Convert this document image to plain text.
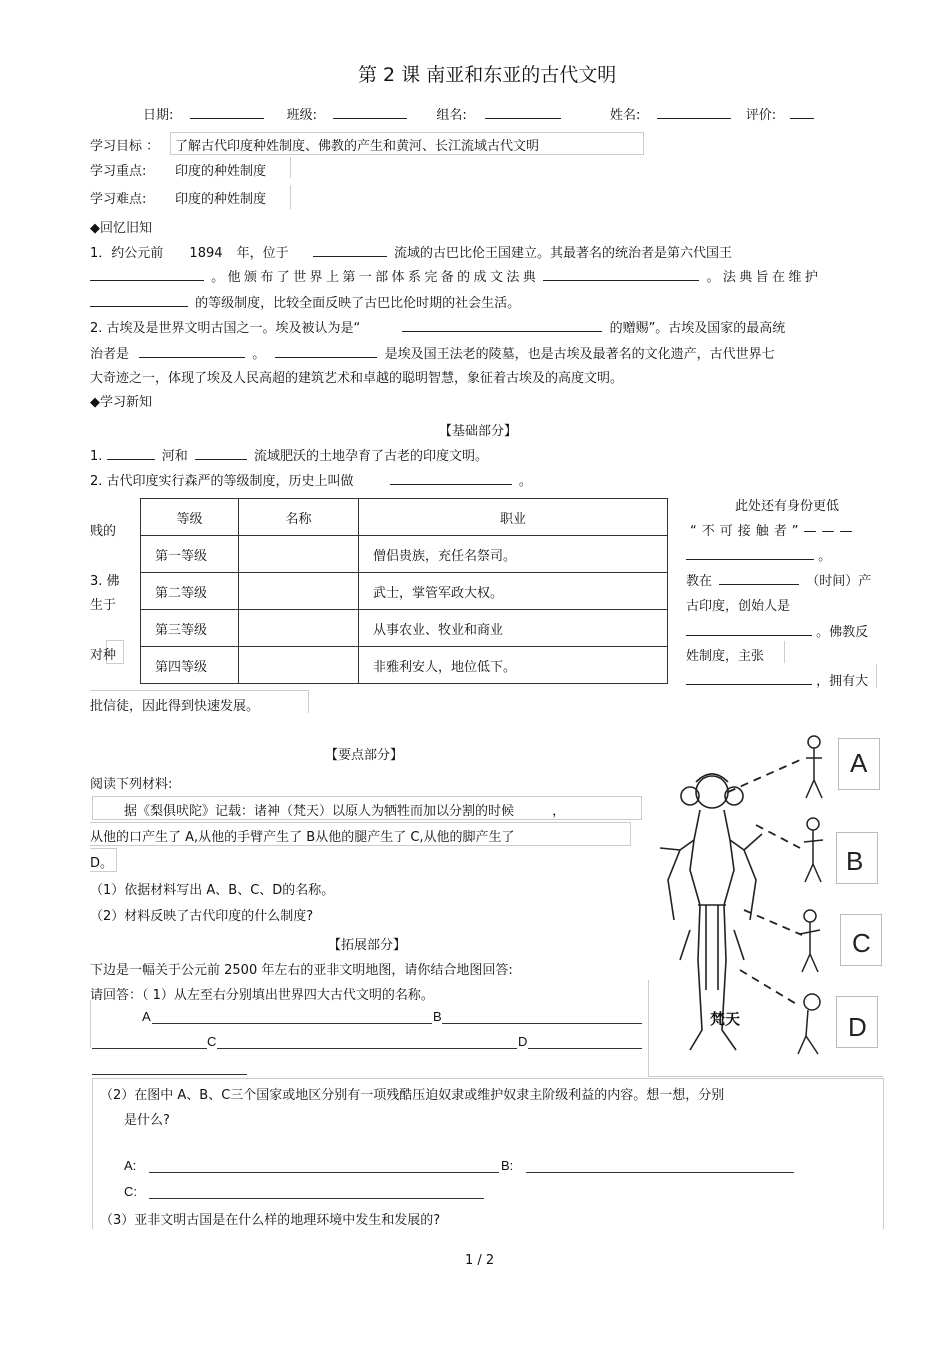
第 2 课 南亚和东亚的古代文明
日期:	班级:	组名:	姓名:	评价:
学习目标 ： 了解古代印度种姓制度、佛教的产生和黄河、长江流域古代文明
学习重点: 印度的种姓制度
学习难点: 印度的种姓制度
◆回忆旧知
1．约公元前 1894 年，位于	流域的古巴比伦王国建立。其最著名的统治者是第六代国王
。他颁布了世界上第一部体系完备的成文法典	。法典旨在维护
的等级制度，比较全面反映了古巴比伦时期的社会生活。
2. 古埃及是世界文明古国之一。埃及被认为是“	的赠赐”。古埃及国家的最高统
治者是	。	是埃及国王法老的陵墓，也是古埃及最著名的文化遗产，古代世界七
大奇迹之一，体现了埃及人民高超的建筑艺术和卓越的聪明智慧，象征着古埃及的高度文明。
◆学习新知
【基础部分】
1.	河和	流域肥沃的土地孕育了古老的印度文明。
2. 古代印度实行森严的等级制度，历史上叫做	。
贱的
3. 佛
生于
对种
等级	名称	职业
第一等级		僧侣贵族，充任名祭司。
第二等级		武士，掌管军政大权。
第三等级		从事农业、牧业和商业
第四等级		非雅利安人，地位低下。
此处还有身份更低
“不可接触者”———
。
教在	（时间）产
古印度，创始人是
。佛教反
姓制度，主张
，拥有大
批信徒，因此得到快速发展。
【要点部分】
阅读下列材料:
据《梨俱吠陀》记载：诸神（梵天）以原人为牺牲而加以分割的时候	，
从他的口产生了 A,从他的手臂产生了 B从他的腿产生了 C,从他的脚产生了
D。
（1）依据材料写出 A、B、C、D的名称。
（2）材料反映了古代印度的什么制度?
梵天
A
B
C
D
【拓展部分】
下边是一幅关于公元前 2500 年左右的亚非文明地图，请你结合地图回答:
请回答：（ 1）从左至右分别填出世界四大古代文明的名称。
A	B
C	D
（2）在图中 A、B、C三个国家或地区分别有一项残酷压迫奴隶或维护奴隶主阶级利益的内容。想一想，分别
是什么?
A:	B:
C:
（3）亚非文明古国是在什么样的地理环境中发生和发展的?
1 / 2
